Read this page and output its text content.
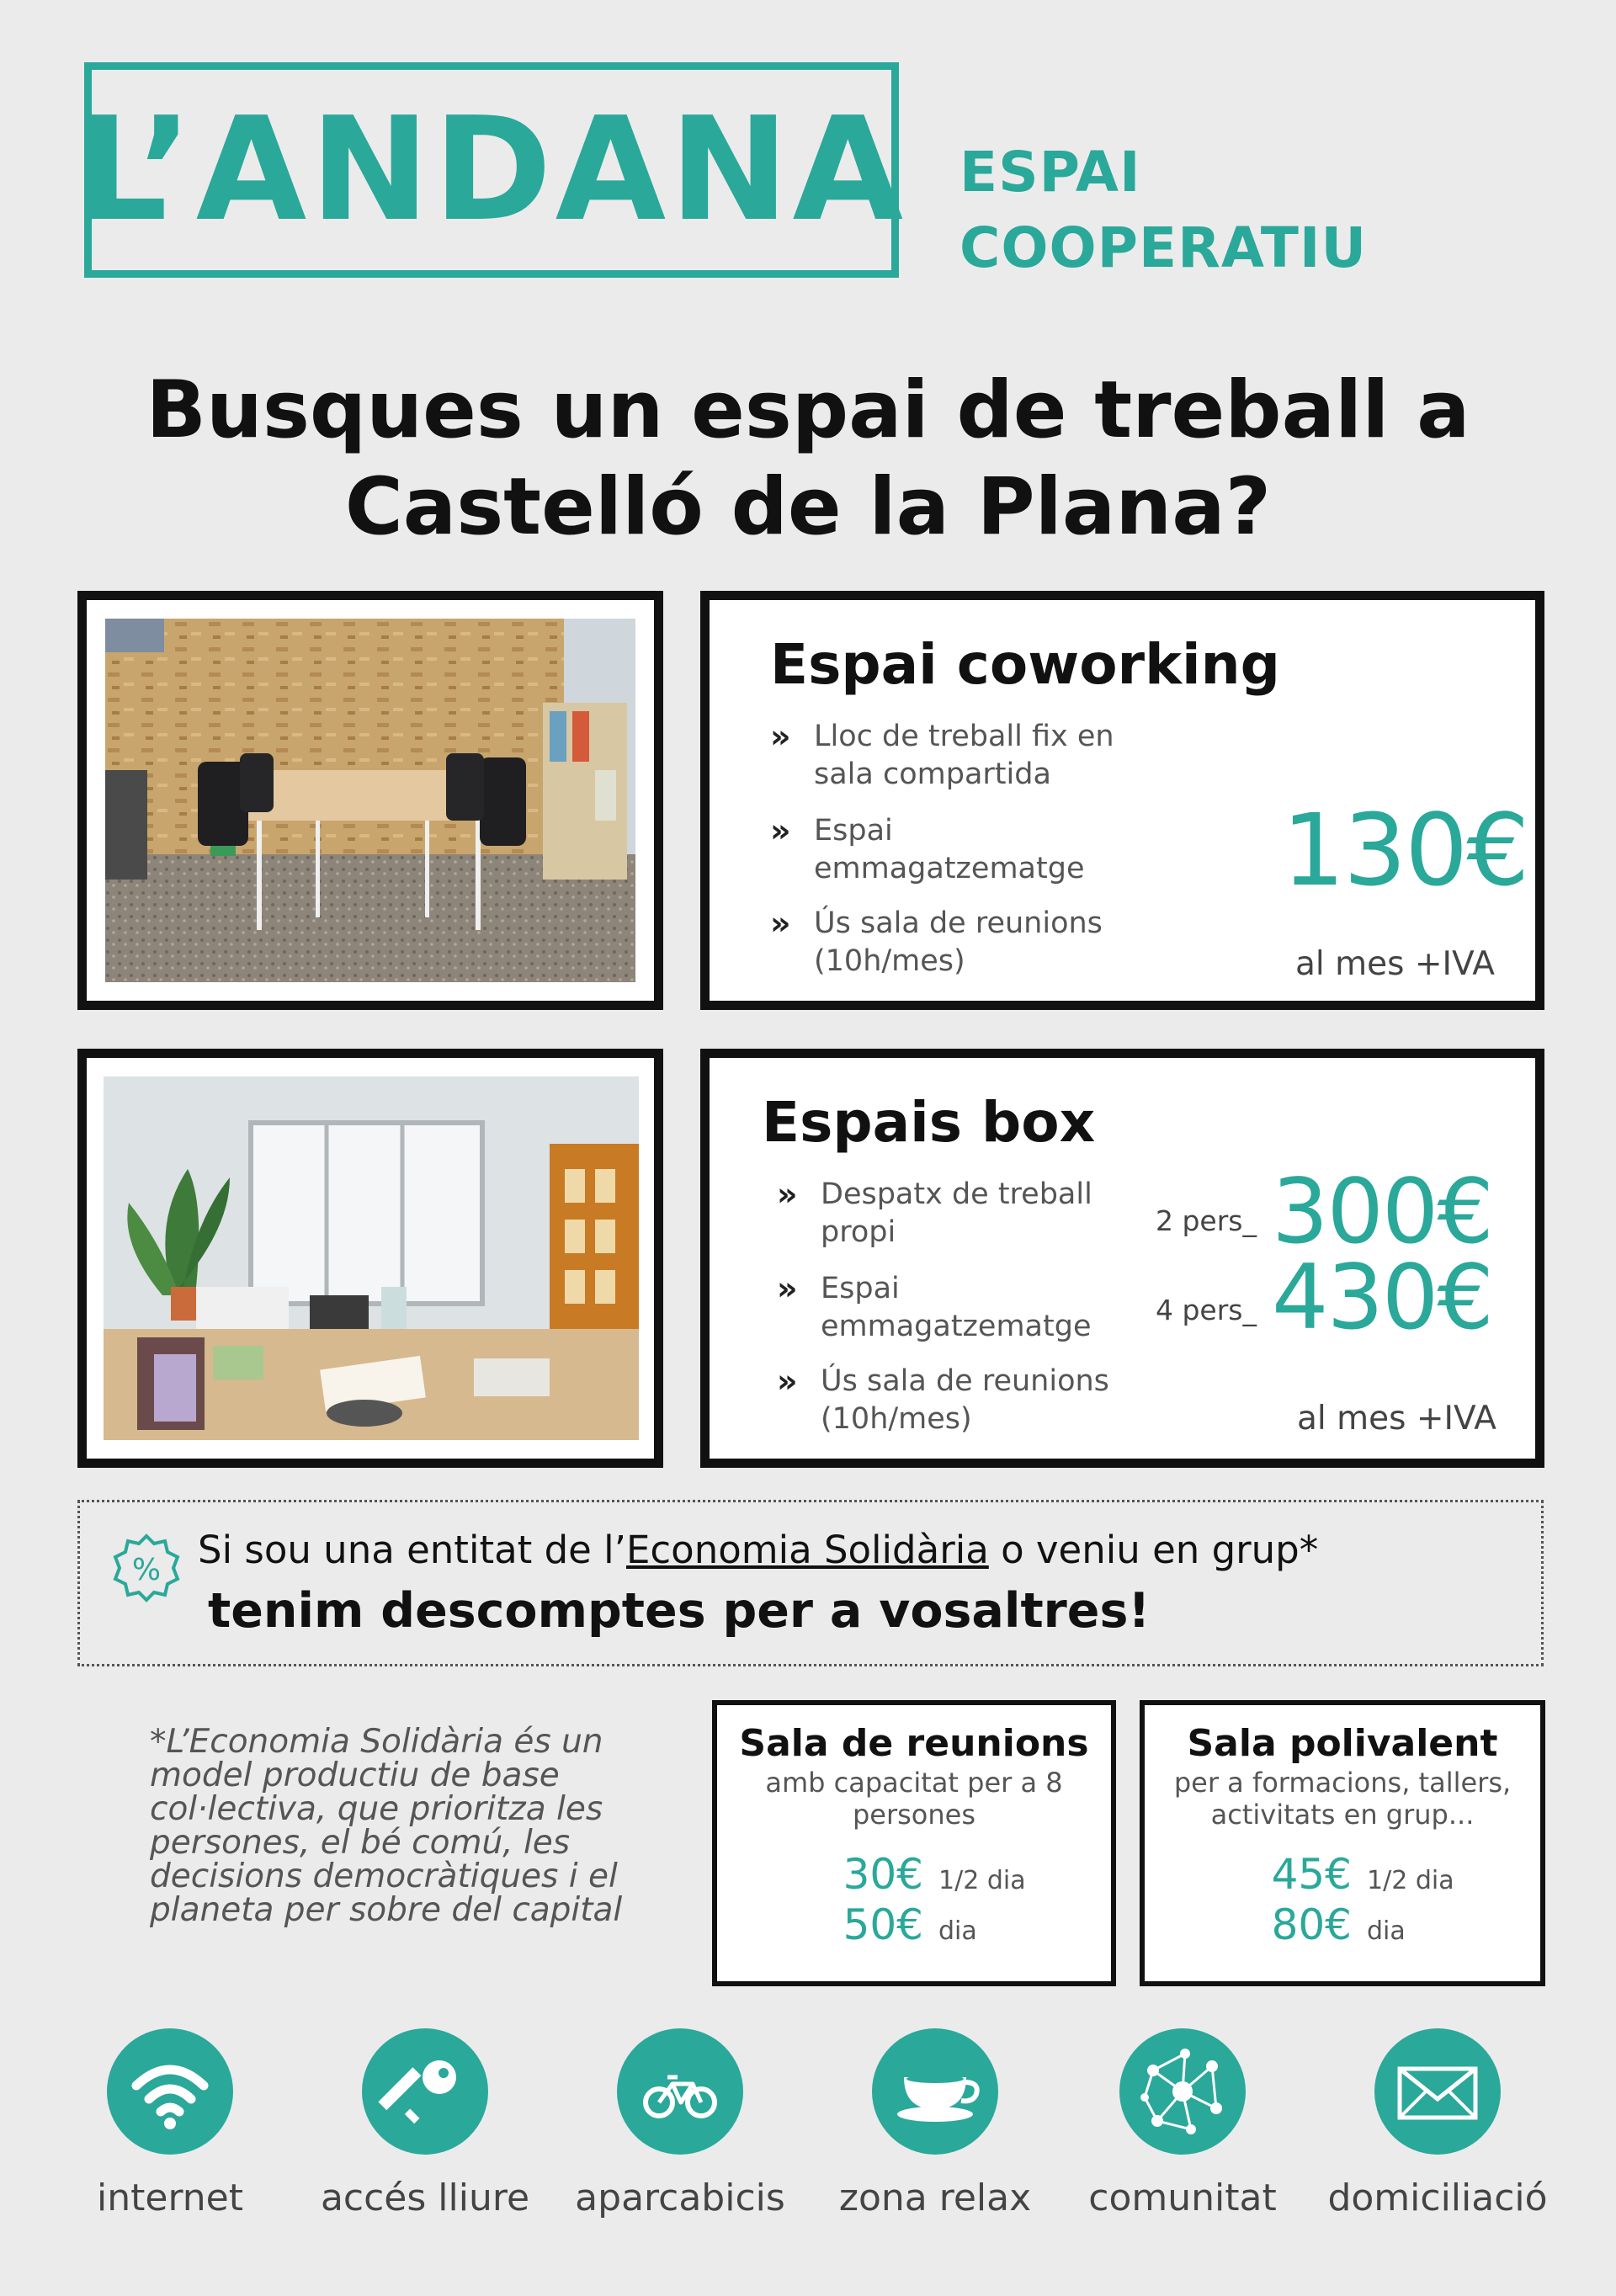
L’ANDANA ESPAI
COOPERATIU
Busques un espai de treball a
Castelló de la Plana?
Espai coworking
» Lloc de treball fix en
sala compartida
» Espai
emmagatzematge
» Ús sala de reunions
(10h/mes)
130€
al mes +IVA
Espais box
» Despatx de treball
propi
» Espai
emmagatzematge
» Ús sala de reunions
(10h/mes)
2 pers_ 300€
4 pers_ 430€
al mes +IVA
% Si sou una entitat de l’Economia Solidària o veniu en grup*
tenim descomptes per a vosaltres!
*L’Economia Solidària és un
model productiu de base
col·lectiva, que prioritza les
persones, el bé comú, les
decisions democràtiques i el
planeta per sobre del capital
Sala de reunions
amb capacitat per a 8
persones
30€ 1/2 dia
50€ dia
Sala polivalent
per a formacions, tallers,
activitats en grup...
45€ 1/2 dia
80€ dia
internet	accés lliure	aparcabicis	zona relax	comunitat	domiciliació
